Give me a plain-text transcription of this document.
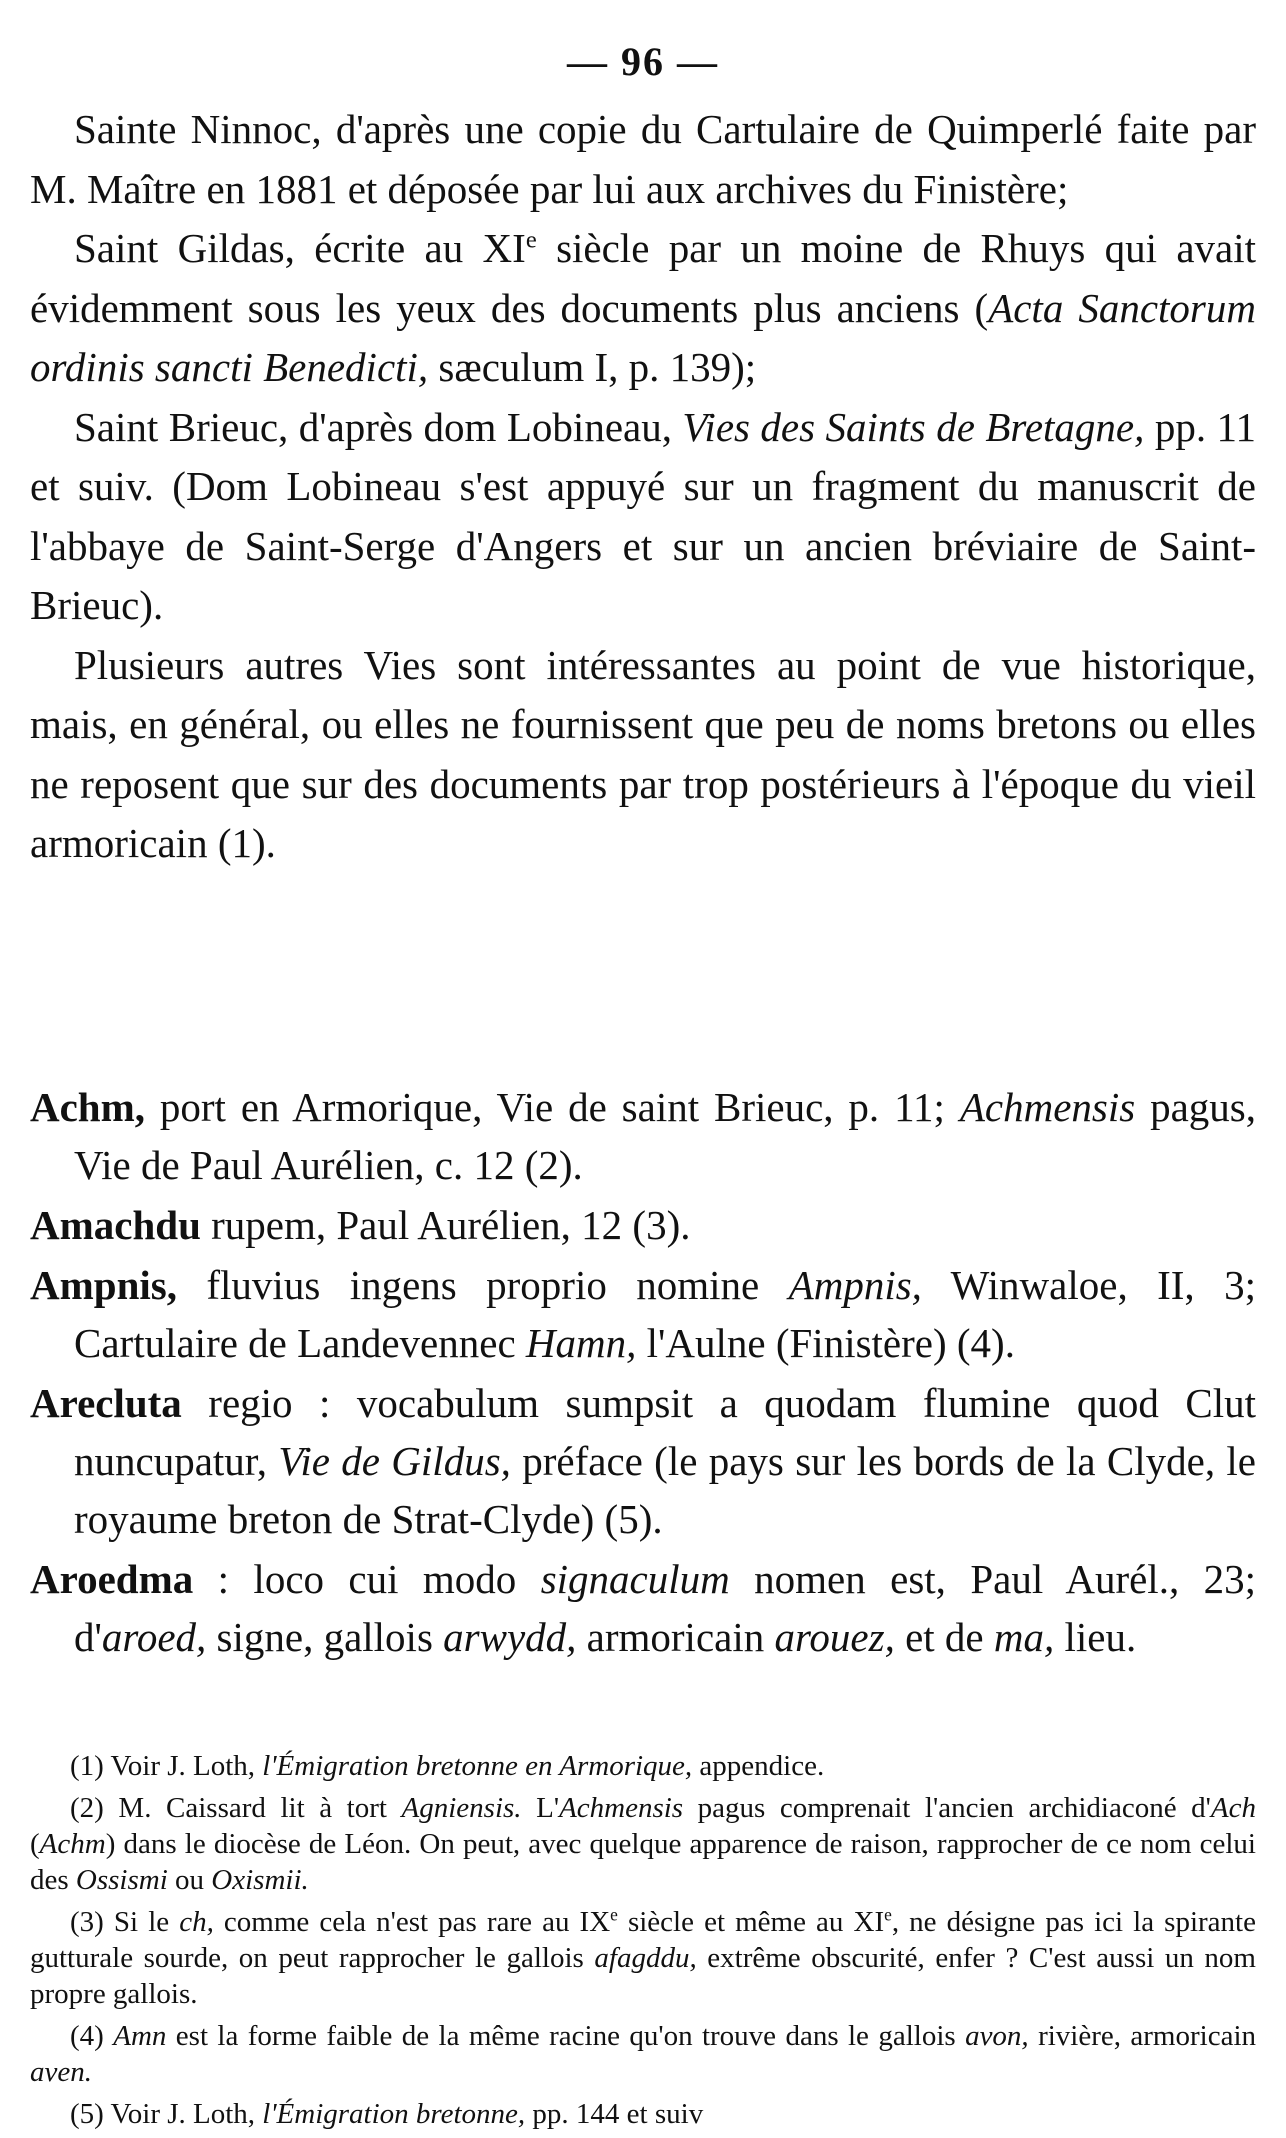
— 96 —

Sainte Ninnoc, d'après une copie du Cartulaire de Quimperlé faite par M. Maître en 1881 et déposée par lui aux archives du Finistère;

Saint Gildas, écrite au XIe siècle par un moine de Rhuys qui avait évidemment sous les yeux des documents plus anciens (Acta Sanctorum ordinis sancti Benedicti, sæculum I, p. 139);

Saint Brieuc, d'après dom Lobineau, Vies des Saints de Bretagne, pp. 11 et suiv. (Dom Lobineau s'est appuyé sur un fragment du manuscrit de l'abbaye de Saint-Serge d'Angers et sur un ancien bréviaire de Saint-Brieuc).

Plusieurs autres Vies sont intéressantes au point de vue historique, mais, en général, ou elles ne fournissent que peu de noms bretons ou elles ne reposent que sur des documents par trop postérieurs à l'époque du vieil armoricain (1).

Achm, port en Armorique, Vie de saint Brieuc, p. 11; Achmensis pagus, Vie de Paul Aurélien, c. 12 (2).

Amachdu rupem, Paul Aurélien, 12 (3).

Ampnis, fluvius ingens proprio nomine Ampnis, Winwaloe, II, 3; Cartulaire de Landevennec Hamn, l'Aulne (Finistère) (4).

Arecluta regio : vocabulum sumpsit a quodam flumine quod Clut nuncupatur, Vie de Gildus, préface (le pays sur les bords de la Clyde, le royaume breton de Strat-Clyde) (5).

Aroedma : loco cui modo signaculum nomen est, Paul Aurél., 23; d'aroed, signe, gallois arwydd, armoricain arouez, et de ma, lieu.

(1) Voir J. Loth, l'Émigration bretonne en Armorique, appendice.

(2) M. Caissard lit à tort Agniensis. L'Achmensis pagus comprenait l'ancien archidiaconé d'Ach (Achm) dans le diocèse de Léon. On peut, avec quelque apparence de raison, rapprocher de ce nom celui des Ossismi ou Oxismii.

(3) Si le ch, comme cela n'est pas rare au IXe siècle et même au XIe, ne désigne pas ici la spirante gutturale sourde, on peut rapprocher le gallois afagddu, extrême obscurité, enfer ? C'est aussi un nom propre gallois.

(4) Amn est la forme faible de la même racine qu'on trouve dans le gallois avon, rivière, armoricain aven.

(5) Voir J. Loth, l'Émigration bretonne, pp. 144 et suiv
